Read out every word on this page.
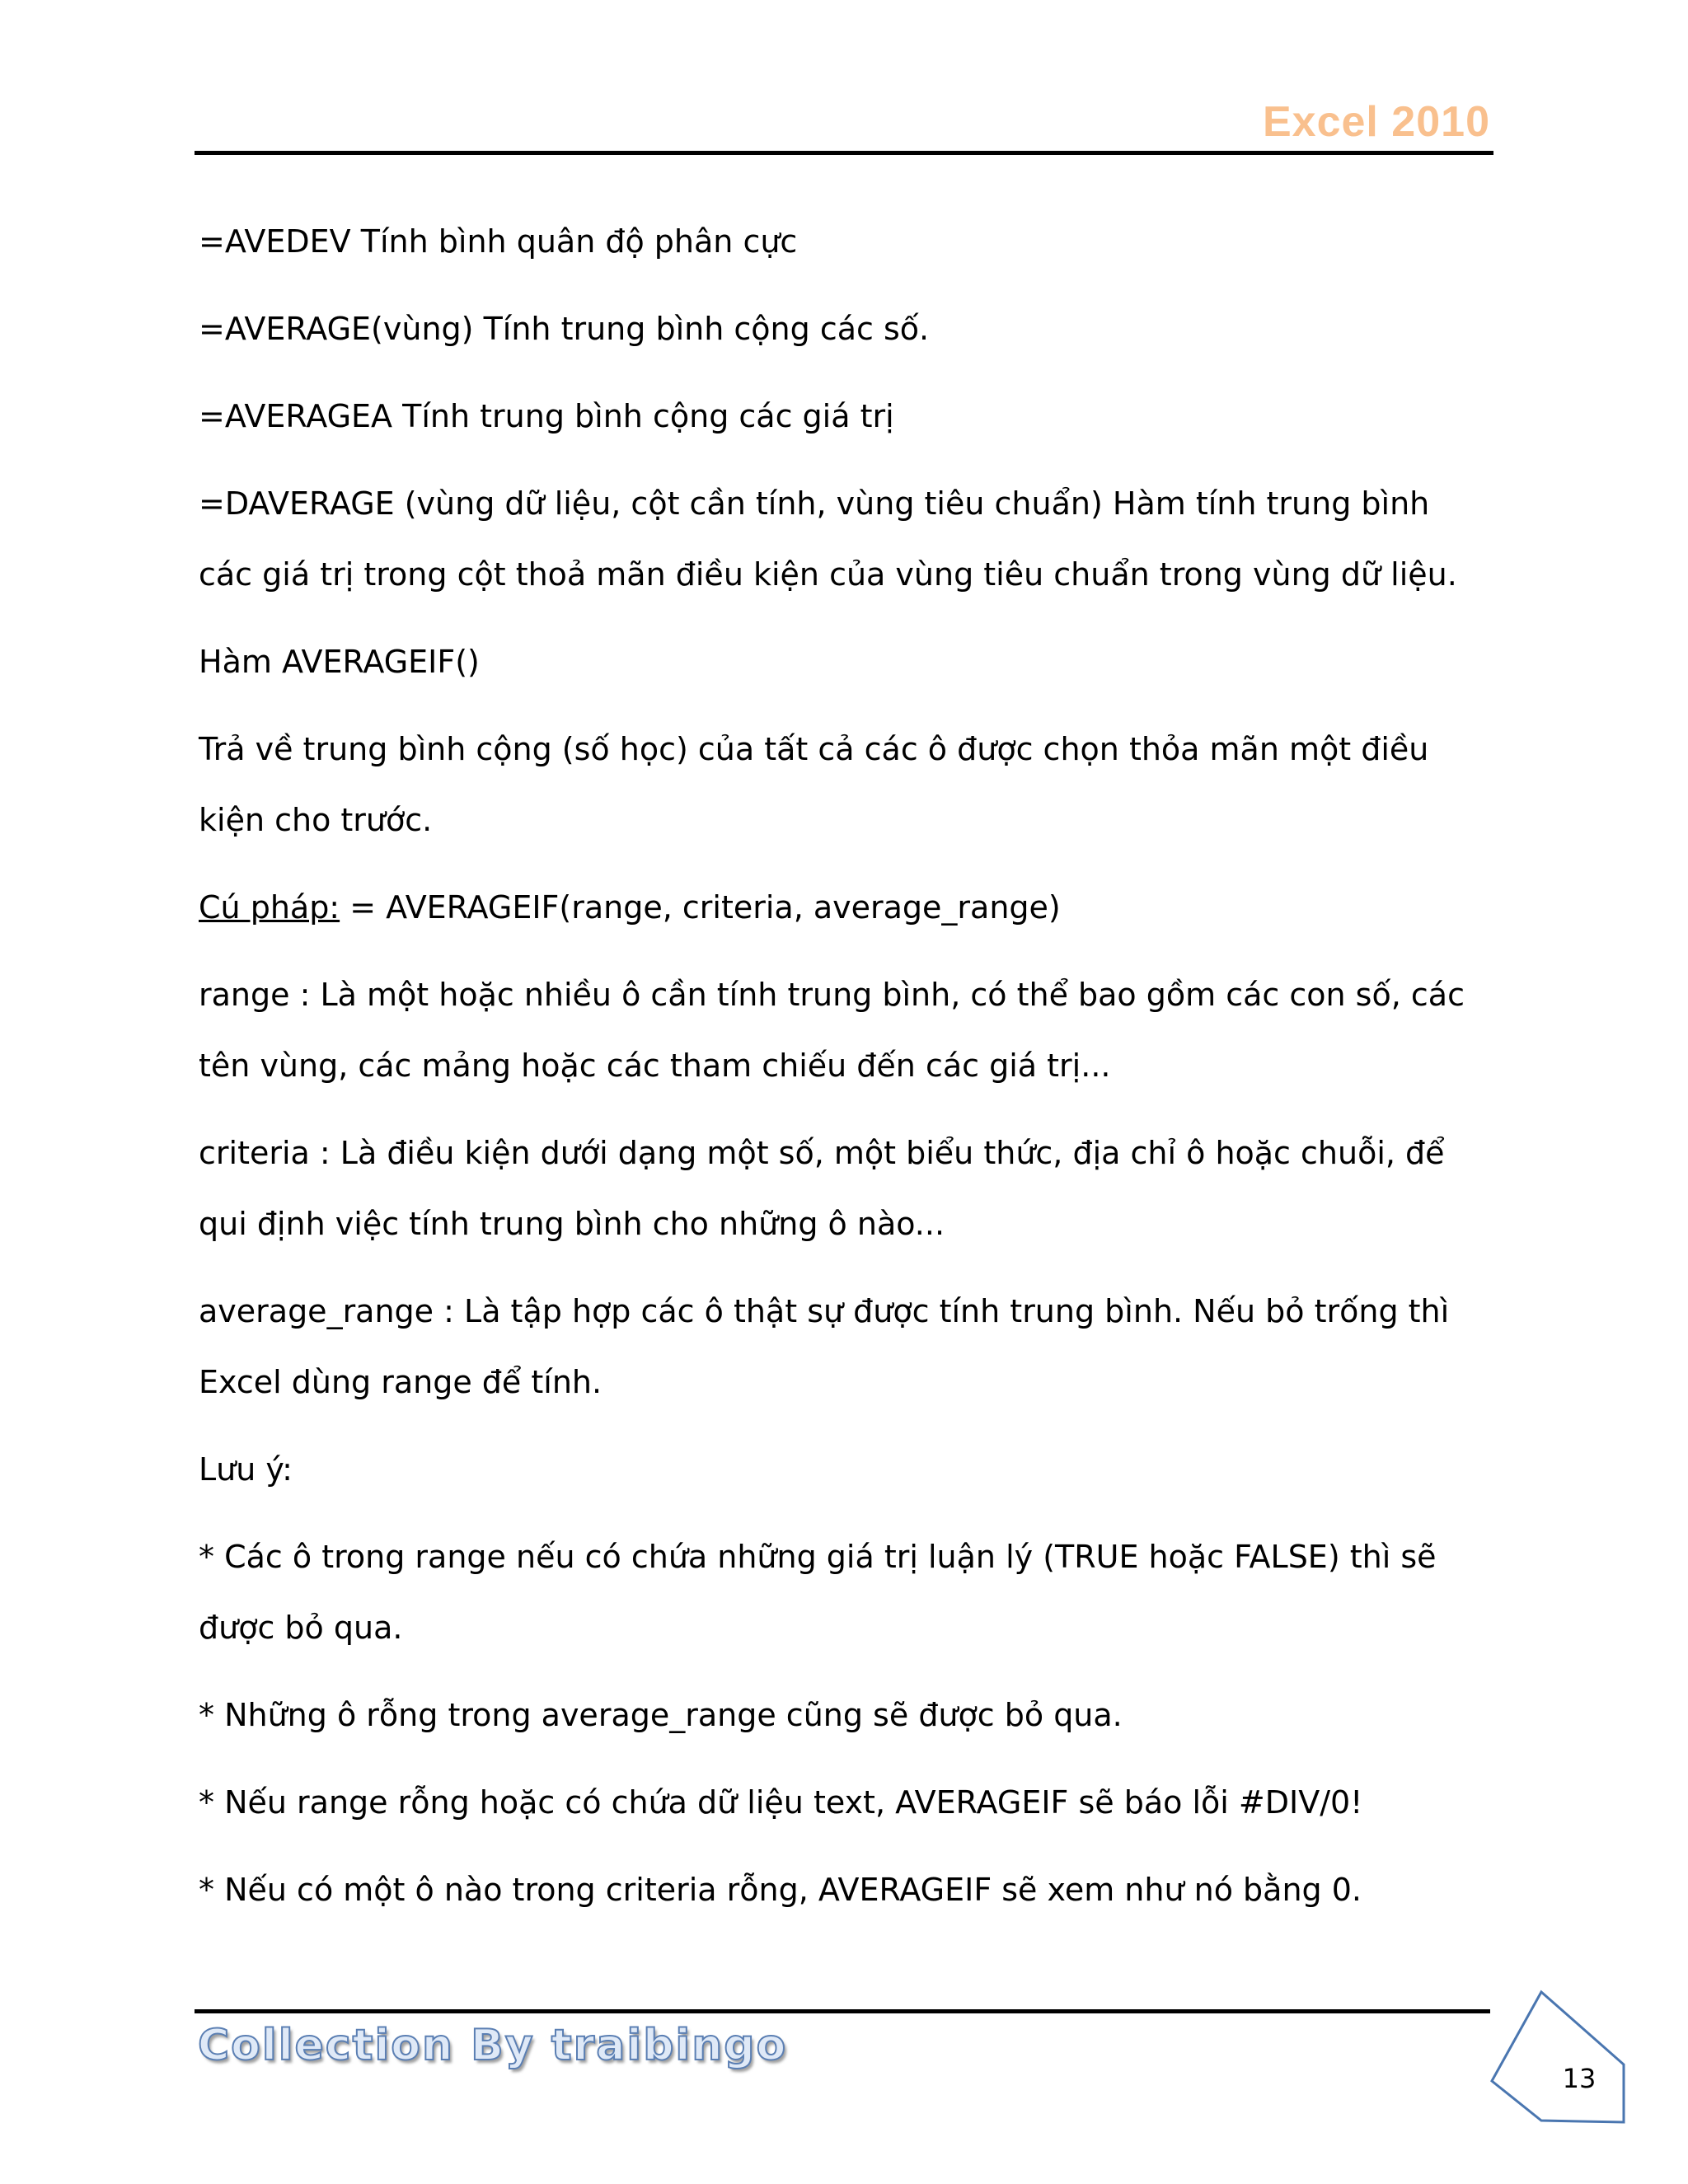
Excel 2010

=AVEDEV Tính bình quân độ phân cực

=AVERAGE(vùng) Tính trung bình cộng các số.

=AVERAGEA Tính trung bình cộng các giá trị

=DAVERAGE (vùng dữ liệu, cột cần tính, vùng tiêu chuẩn) Hàm tính trung bình các giá trị trong cột thoả mãn điều kiện của vùng tiêu chuẩn trong vùng dữ liệu.

Hàm AVERAGEIF()

Trả về trung bình cộng (số học) của tất cả các ô được chọn thỏa mãn một điều kiện cho trước.

Cú pháp: = AVERAGEIF(range, criteria, average_range)

range : Là một hoặc nhiều ô cần tính trung bình, có thể bao gồm các con số, các tên vùng, các mảng hoặc các tham chiếu đến các giá trị...

criteria : Là điều kiện dưới dạng một số, một biểu thức, địa chỉ ô hoặc chuỗi, để qui định việc tính trung bình cho những ô nào...

average_range : Là tập hợp các ô thật sự được tính trung bình. Nếu bỏ trống thì Excel dùng range để tính.

Lưu ý:

* Các ô trong range nếu có chứa những giá trị luận lý (TRUE hoặc FALSE) thì sẽ được bỏ qua.

* Những ô rỗng trong average_range cũng sẽ được bỏ qua.

* Nếu range rỗng hoặc có chứa dữ liệu text, AVERAGEIF sẽ báo lỗi #DIV/0!

* Nếu có một ô nào trong criteria rỗng, AVERAGEIF sẽ xem như nó bằng 0.

Collection By traibingo
13
